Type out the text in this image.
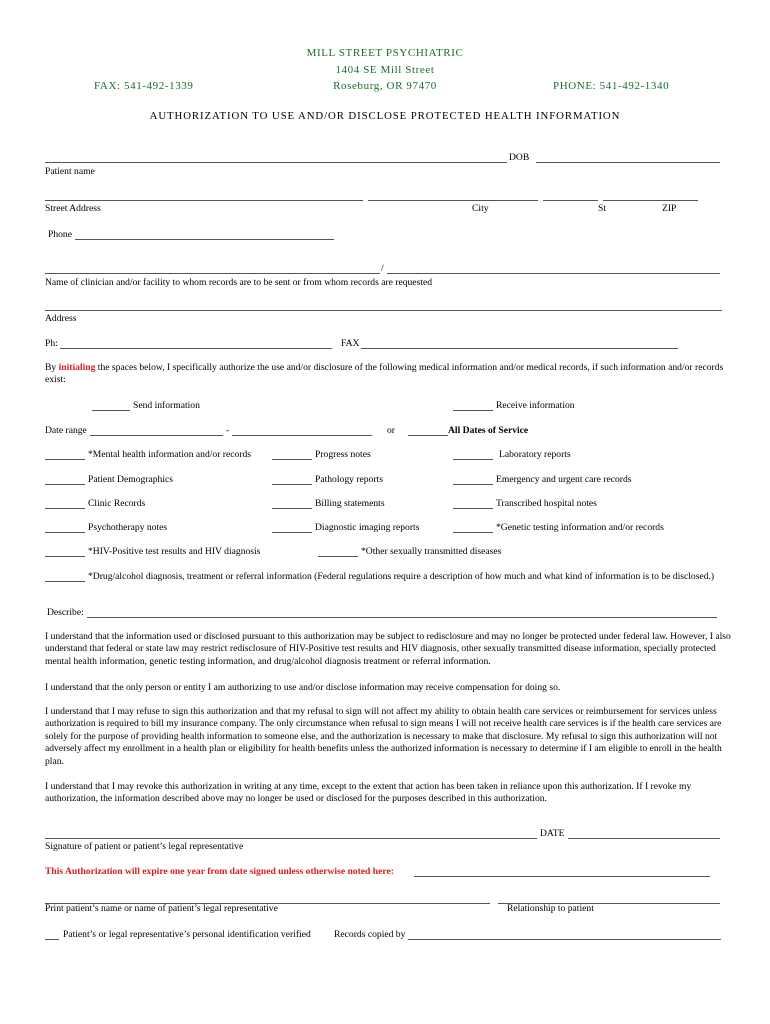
MILL STREET PSYCHIATRIC
1404 SE Mill Street
Roseburg, OR 97470
FAX: 541-492-1339	PHONE: 541-492-1340
AUTHORIZATION TO USE AND/OR DISCLOSE PROTECTED HEALTH INFORMATION
DOB
Patient name
Street Address	City	St	ZIP
Phone
/
Name of clinician and/or facility to whom records are to be sent or from whom records are requested
Address
Ph:	FAX
By initialing the spaces below, I specifically authorize the use and/or disclosure of the following medical information and/or medical records, if such information and/or records exist:
Send information	Receive information
Date range	-	or	All Dates of Service
*Mental health information and/or records	Progress notes	Laboratory reports
Patient Demographics	Pathology reports	Emergency and urgent care records
Clinic Records	Billing statements	Transcribed hospital notes
Psychotherapy notes	Diagnostic imaging reports	*Genetic testing information and/or records
*HIV-Positive test results and HIV diagnosis	*Other sexually transmitted diseases
*Drug/alcohol diagnosis, treatment or referral information (Federal regulations require a description of how much and what kind of information is to be disclosed.)
Describe:
I understand that the information used or disclosed pursuant to this authorization may be subject to redisclosure and may no longer be protected under federal law. However, I also understand that federal or state law may restrict redisclosure of HIV-Positive test results and HIV diagnosis, other sexually transmitted disease information, specially protected mental health information, genetic testing information, and drug/alcohol diagnosis treatment or referral information.
I understand that the only person or entity I am authorizing to use and/or disclose information may receive compensation for doing so.
I understand that I may refuse to sign this authorization and that my refusal to sign will not affect my ability to obtain health care services or reimbursement for services unless authorization is required to bill my insurance company. The only circumstance when refusal to sign means I will not receive health care services is if the health care services are solely for the purpose of providing health information to someone else, and the authorization is necessary to make that disclosure. My refusal to sign this authorization will not adversely affect my enrollment in a health plan or eligibility for health benefits unless the authorized information is necessary to determine if I am eligible to enroll in the health plan.
I understand that I may revoke this authorization in writing at any time, except to the extent that action has been taken in reliance upon this authorization. If I revoke my authorization, the information described above may no longer be used or disclosed for the purposes described in this authorization.
DATE
Signature of patient or patient’s legal representative
This Authorization will expire one year from date signed unless otherwise noted here:
Print patient’s name or name of patient’s legal representative	Relationship to patient
Patient’s or legal representative’s personal identification verified Records copied by
